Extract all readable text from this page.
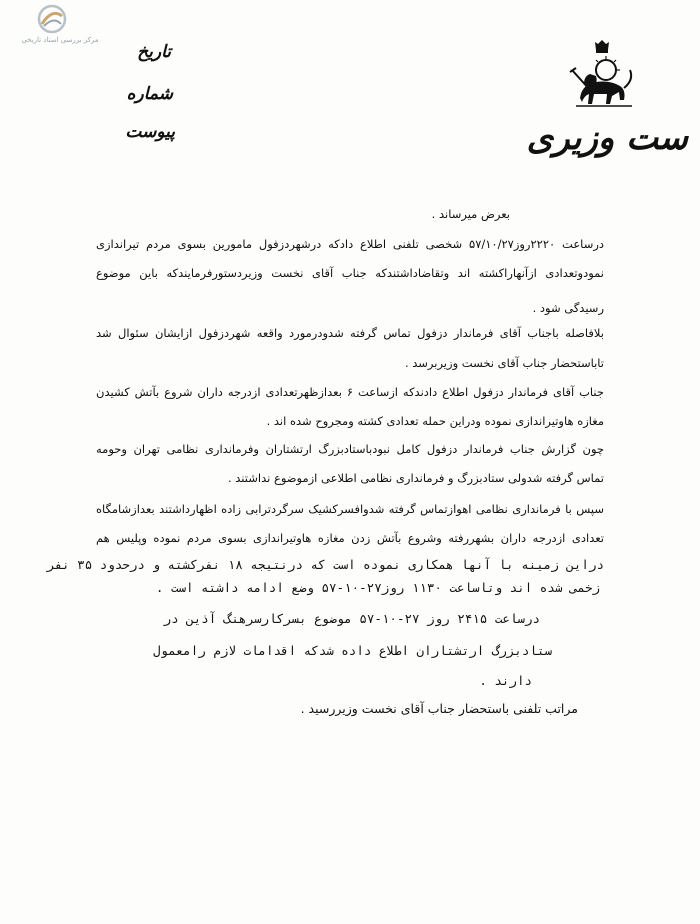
مرکز بررسی اسناد تاریخی
تاریخ
شماره
پیوست	ست وزیری
بعرض میرساند .
درساعت ۲۲۲۰روز۵۷/۱۰/۲۷ شخصی تلفنی اطلاع دادکه درشهردزفول مامورین بسوی مردم تیراندازی
نمودوتعدادی ازآنهاراکشته اند وتقاضاداشتندکه جناب آقای نخست وزیردستورفرمایندکه باین موضوع
رسیدگی شود .
بلافاصله باجناب آقای فرماندار دزفول تماس گرفته شدودرمورد واقعه شهردزفول ازایشان سئوال شد
تاباستحضار جناب آقای نخست وزیربرسد .
جناب آقای فرماندار دزفول اطلاع دادندکه ازساعت ۶ بعدازظهرتعدادی ازدرجه داران شروع بآتش کشیدن
مغازه هاوتیراندازی نموده ودراین حمله تعدادی کشته ومجروح شده اند .
چون گزارش جناب فرماندار دزفول کامل نبودباستادبزرگ ارتشتاران وفرمانداری نظامی تهران وحومه
تماس گرفته شدولی ستادبزرگ و فرمانداری نظامی اطلاعی ازموضوع نداشتند .
سپس با فرمانداری نظامی اهوازتماس گرفته شدوافسرکشیک سرگردترابی زاده اظهارداشتند بعدازشامگاه
تعدادی ازدرجه داران بشهررفته وشروع بآتش زدن مغازه هاوتیراندازی بسوی مردم نموده وپلیس هم
دراین زمینه با آنها همکاری نموده است که درنتیجه ۱۸ نفرکشته و درحدود ۳۵ نفر
زخمی شده اند وتاساعت ۱۱۳۰ روز۲۷-۱۰-۵۷ وضع ادامه داشته است .
درساعت ۲۴۱۵ روز ۲۷-۱۰-۵۷ موضوع بسرکارسرهنگ آذین در
ستادبزرگ ارتشتاران اطلاع داده شدکه اقدامات لازم رامعمول
دارند .
مراتب تلفنی باستحضار جناب آقای نخست وزیررسید .
